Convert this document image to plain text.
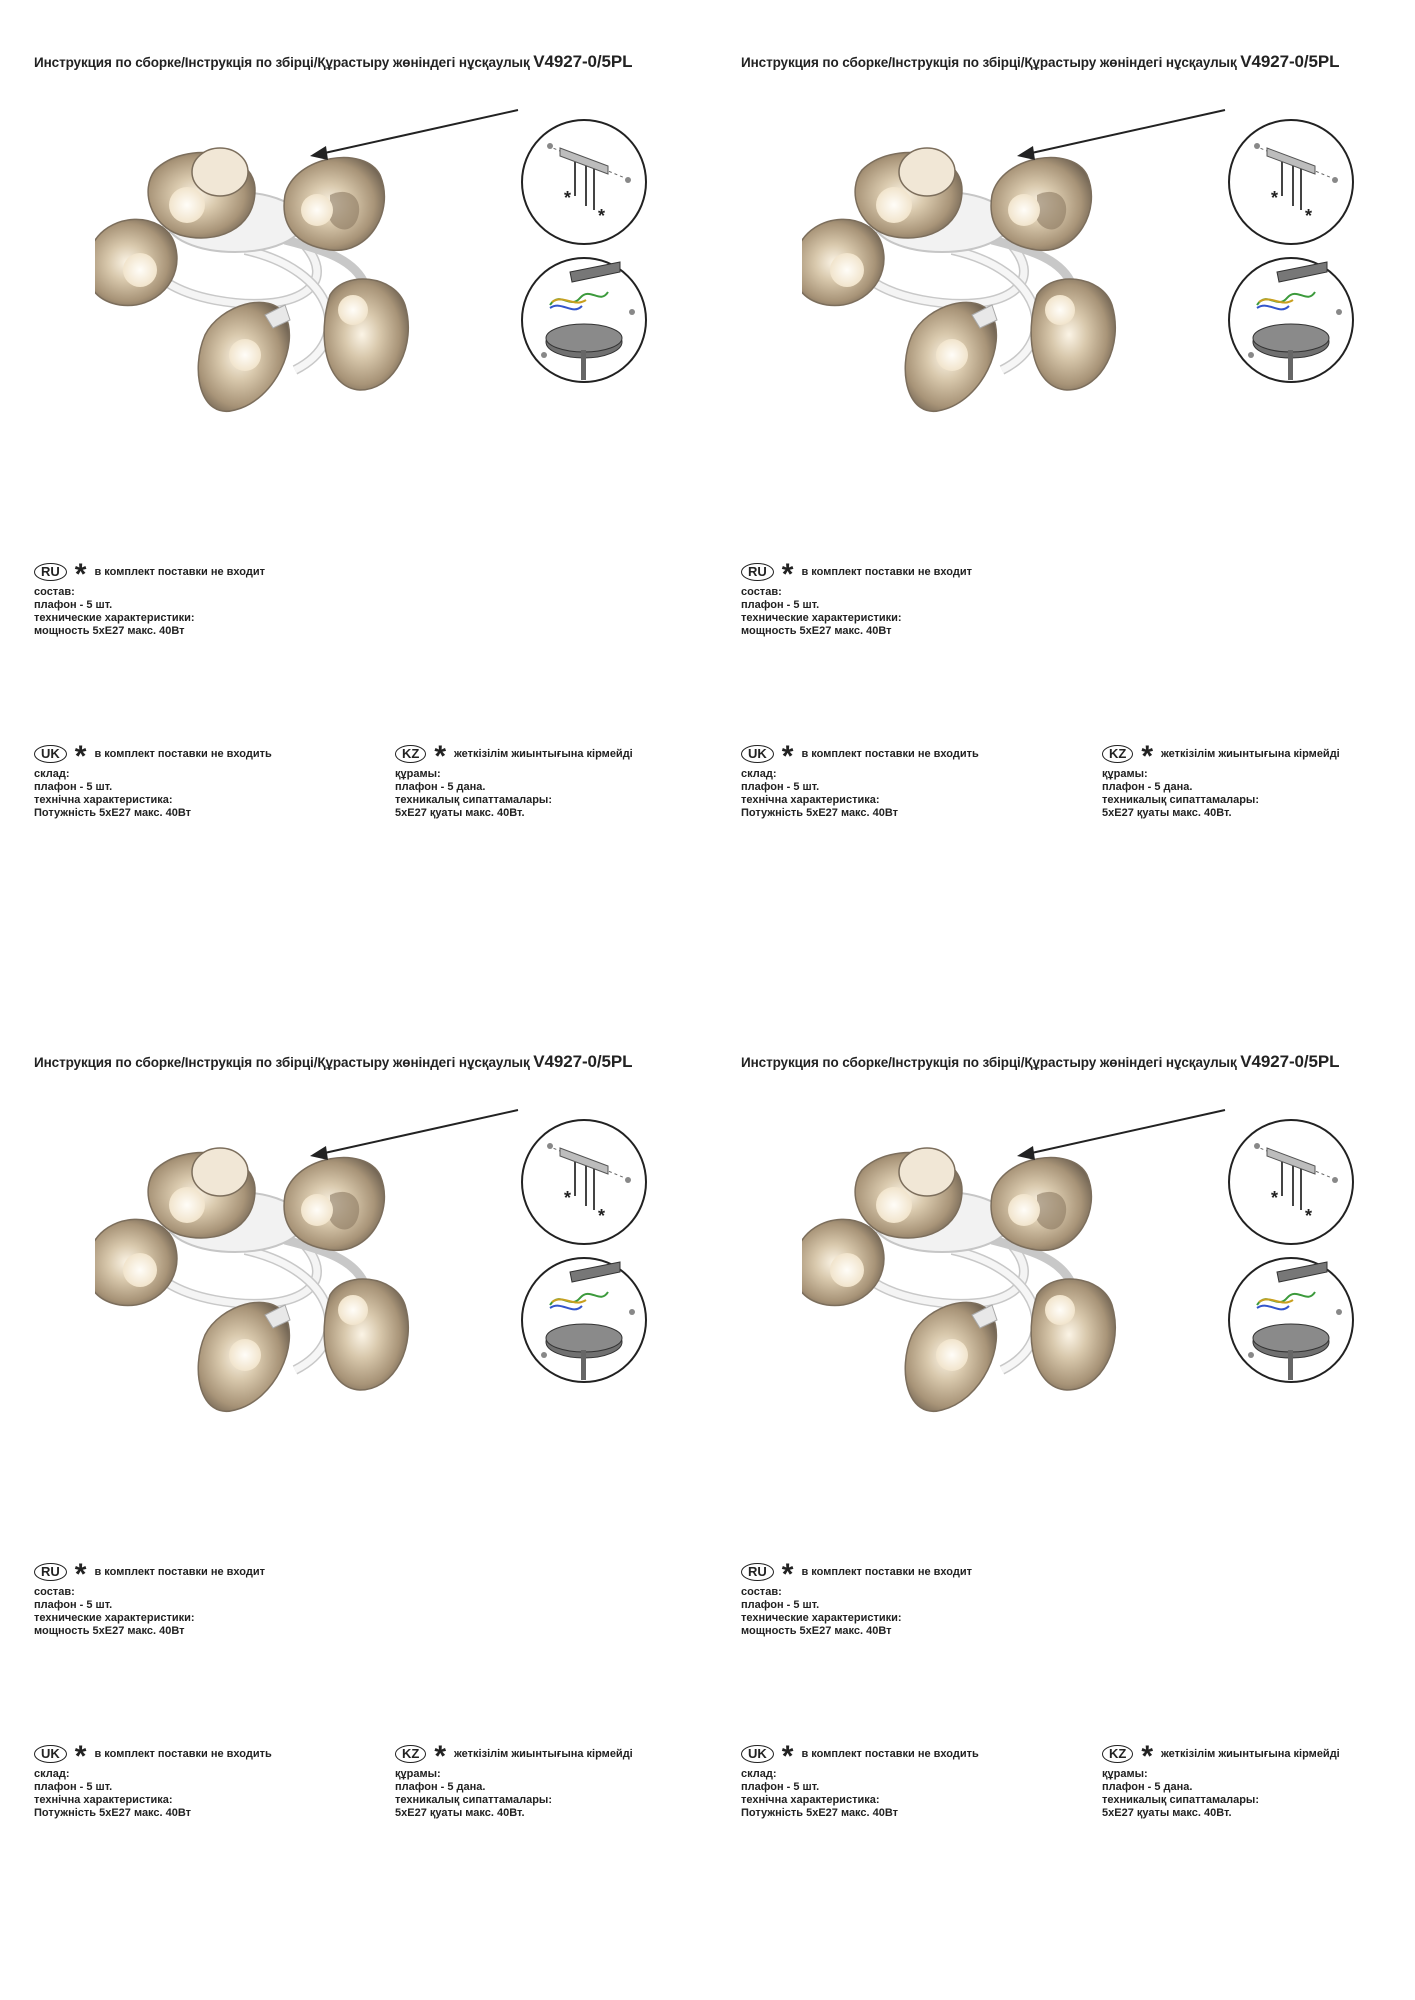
Инструкция по сборке/Інструкція по збірці/Құрастыру жөніндегі нұсқаулық V4927-0/5PL
*
*
RU * в комплект поставки не входит
состав:
плафон - 5 шт.
технические характеристики:
мощность 5хЕ27 макс. 40Вт
UK * в комплект поставки не входить
склад:
плафон - 5 шт.
технічна характеристика:
Потужність 5хЕ27 макс. 40Вт
KZ * жеткізілім жиынтығына кірмейді
құрамы:
плафон - 5 дана.
техникалық сипаттамалары:
5хЕ27 қуаты макс. 40Вт.
Инструкция по сборке/Інструкція по збірці/Құрастыру жөніндегі нұсқаулық V4927-0/5PL
*
*
RU * в комплект поставки не входит
состав:
плафон - 5 шт.
технические характеристики:
мощность 5хЕ27 макс. 40Вт
UK * в комплект поставки не входить
склад:
плафон - 5 шт.
технічна характеристика:
Потужність 5хЕ27 макс. 40Вт
KZ * жеткізілім жиынтығына кірмейді
құрамы:
плафон - 5 дана.
техникалық сипаттамалары:
5хЕ27 қуаты макс. 40Вт.
Инструкция по сборке/Інструкція по збірці/Құрастыру жөніндегі нұсқаулық V4927-0/5PL
*
*
RU * в комплект поставки не входит
состав:
плафон - 5 шт.
технические характеристики:
мощность 5хЕ27 макс. 40Вт
UK * в комплект поставки не входить
склад:
плафон - 5 шт.
технічна характеристика:
Потужність 5хЕ27 макс. 40Вт
KZ * жеткізілім жиынтығына кірмейді
құрамы:
плафон - 5 дана.
техникалық сипаттамалары:
5хЕ27 қуаты макс. 40Вт.
Инструкция по сборке/Інструкція по збірці/Құрастыру жөніндегі нұсқаулық V4927-0/5PL
*
*
RU * в комплект поставки не входит
состав:
плафон - 5 шт.
технические характеристики:
мощность 5хЕ27 макс. 40Вт
UK * в комплект поставки не входить
склад:
плафон - 5 шт.
технічна характеристика:
Потужність 5хЕ27 макс. 40Вт
KZ * жеткізілім жиынтығына кірмейді
құрамы:
плафон - 5 дана.
техникалық сипаттамалары:
5хЕ27 қуаты макс. 40Вт.
